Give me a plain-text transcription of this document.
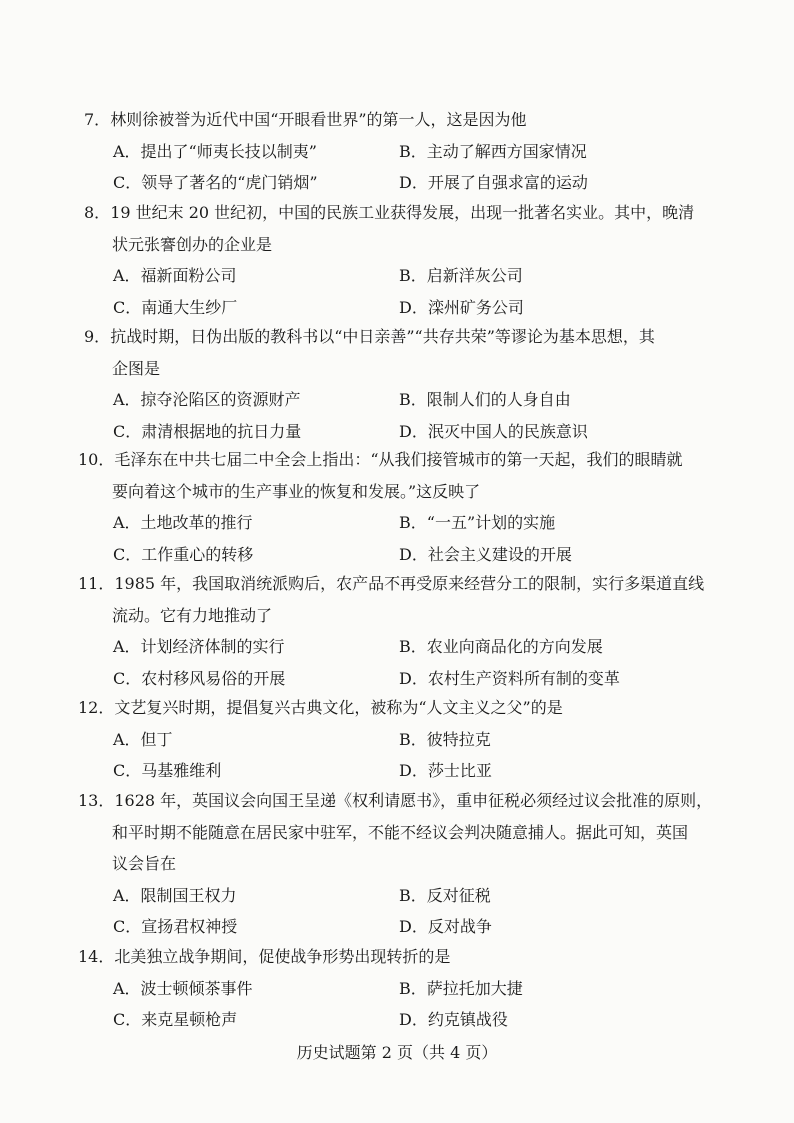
7．林则徐被誉为近代中国“开眼看世界”的第一人，这是因为他
A．提出了“师夷长技以制夷”	B．主动了解西方国家情况
C．领导了著名的“虎门销烟”	D．开展了自强求富的运动
8．19 世纪末 20 世纪初，中国的民族工业获得发展，出现一批著名实业。其中，晚清
状元张謇创办的企业是
A．福新面粉公司	B．启新洋灰公司
C．南通大生纱厂	D．滦州矿务公司
9．抗战时期，日伪出版的教科书以“中日亲善”“共存共荣”等谬论为基本思想，其
企图是
A．掠夺沦陷区的资源财产	B．限制人们的人身自由
C．肃清根据地的抗日力量	D．泯灭中国人的民族意识
10．毛泽东在中共七届二中全会上指出：“从我们接管城市的第一天起，我们的眼睛就
要向着这个城市的生产事业的恢复和发展。”这反映了
A．土地改革的推行	B．“一五”计划的实施
C．工作重心的转移	D．社会主义建设的开展
11．1985 年，我国取消统派购后，农产品不再受原来经营分工的限制，实行多渠道直线
流动。它有力地推动了
A．计划经济体制的实行	B．农业向商品化的方向发展
C．农村移风易俗的开展	D．农村生产资料所有制的变革
12．文艺复兴时期，提倡复兴古典文化，被称为“人文主义之父”的是
A．但丁	B．彼特拉克
C．马基雅维利	D．莎士比亚
13．1628 年，英国议会向国王呈递《权利请愿书》，重申征税必须经过议会批准的原则，
和平时期不能随意在居民家中驻军，不能不经议会判决随意捕人。据此可知，英国
议会旨在
A．限制国王权力	B．反对征税
C．宣扬君权神授	D．反对战争
14．北美独立战争期间，促使战争形势出现转折的是
A．波士顿倾茶事件	B．萨拉托加大捷
C．来克星顿枪声	D．约克镇战役
历史试题第 2 页（共 4 页）
